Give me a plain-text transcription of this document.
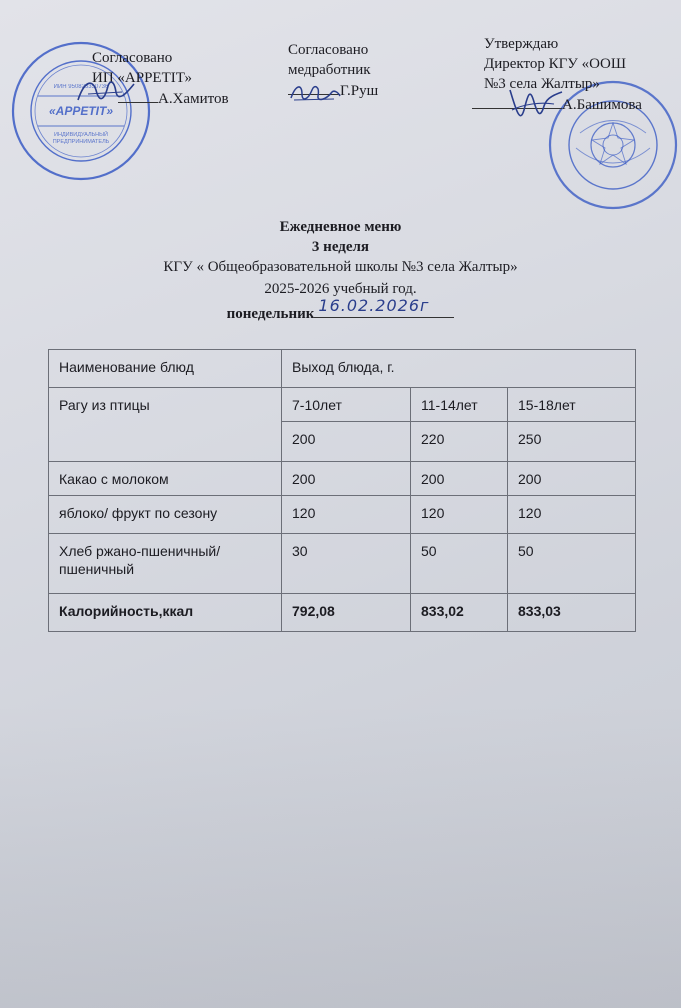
«АРРЕТIТ»
ИИН 950823350736
ИНДИВИДУАЛЬНЫЙ
ПРЕДПРИНИМАТЕЛЬ
Согласовано
ИП «АРРЕТIТ»
А.Хамитов
Согласовано
медработник
Г.Руш
Утверждаю
Директор КГУ «ООШ
№3 села Жалтыр»
А.Башимова
Ежедневное меню
3 неделя
КГУ « Общеобразовательной школы №3 села Жалтыр»
2025-2026 учебный год.
понедельник 16.02.2026г
Наименование блюд	Выход блюда, г.		
Рагу из птицы	7-10лет	11-14лет	15-18лет
	200	220	250
Какао с молоком	200	200	200
яблоко/ фрукт по сезону	120	120	120
Хлеб ржано-пшеничный/пшеничный	30	50	50
Калорийность,ккал	792,08	833,02	833,03
